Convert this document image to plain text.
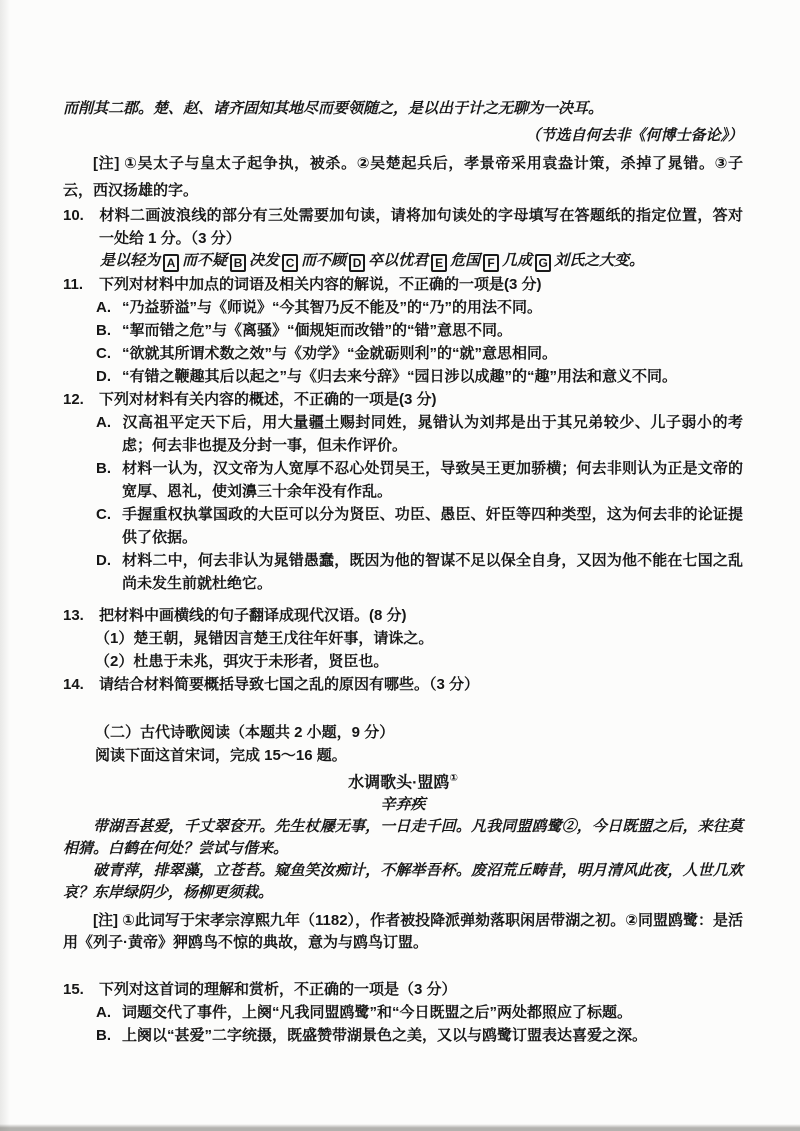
而削其二郡。楚、赵、诸齐固知其地尽而要领随之，是以出于计之无聊为一决耳。

（节选自何去非《何博士备论》）

[注] ①吴太子与皇太子起争执，被杀。②吴楚起兵后，孝景帝采用袁盎计策，杀掉了晁错。③子云，西汉扬雄的字。

10. 材料二画波浪线的部分有三处需要加句读，请将加句读处的字母填写在答题纸的指定位置，答对一处给 1 分。（3 分）

是以轻为 A 而不疑 B 决发 C 而不顾 D 卒以忧君 E 危国 F 几成 G 刘氏之大变。

11. 下列对材料中加点的词语及相关内容的解说，不正确的一项是(3 分)

A. “乃益骄溢”与《师说》“今其智乃反不能及”的“乃”的用法不同。

B. “挈而错之危”与《离骚》“偭规矩而改错”的“错”意思不同。

C. “欲就其所谓术数之效”与《劝学》“金就砺则利”的“就”意思相同。

D. “有错之鞭趣其后以起之”与《归去来兮辞》“园日涉以成趣”的“趣”用法和意义不同。

12. 下列对材料有关内容的概述，不正确的一项是(3 分)

A. 汉高祖平定天下后，用大量疆土赐封同姓，晁错认为刘邦是出于其兄弟较少、儿子弱小的考虑；何去非也提及分封一事，但未作评价。

B. 材料一认为，汉文帝为人宽厚不忍心处罚吴王，导致吴王更加骄横；何去非则认为正是文帝的宽厚、恩礼，使刘濞三十余年没有作乱。

C. 手握重权执掌国政的大臣可以分为贤臣、功臣、愚臣、奸臣等四种类型，这为何去非的论证提供了依据。

D. 材料二中，何去非认为晁错愚蠢，既因为他的智谋不足以保全自身，又因为他不能在七国之乱尚未发生前就杜绝它。

13. 把材料中画横线的句子翻译成现代汉语。(8 分)

（1）楚王朝，晁错因言楚王戊往年奸事，请诛之。

（2）杜患于未兆，弭灾于未形者，贤臣也。

14. 请结合材料简要概括导致七国之乱的原因有哪些。（3 分）

（二）古代诗歌阅读（本题共 2 小题，9 分）

阅读下面这首宋词，完成 15～16 题。

水调歌头·盟鸥①

辛弃疾

带湖吾甚爱，千丈翠奁开。先生杖屦无事，一日走千回。凡我同盟鸥鹭②，今日既盟之后，来往莫相猜。白鹤在何处？尝试与偕来。

破青萍，排翠藻，立苍苔。窥鱼笑汝痴计，不解举吾杯。废沼荒丘畴昔，明月清风此夜，人世几欢哀？东岸绿阴少，杨柳更须栽。

[注] ①此词写于宋孝宗淳熙九年（1182），作者被投降派弹劾落职闲居带湖之初。②同盟鸥鹭：是活用《列子·黄帝》狎鸥鸟不惊的典故，意为与鸥鸟订盟。

15. 下列对这首词的理解和赏析，不正确的一项是（3 分）

A. 词题交代了事件，上阕“凡我同盟鸥鹭”和“今日既盟之后”两处都照应了标题。

B. 上阕以“甚爱”二字统摄，既盛赞带湖景色之美，又以与鸥鹭订盟表达喜爱之深。
